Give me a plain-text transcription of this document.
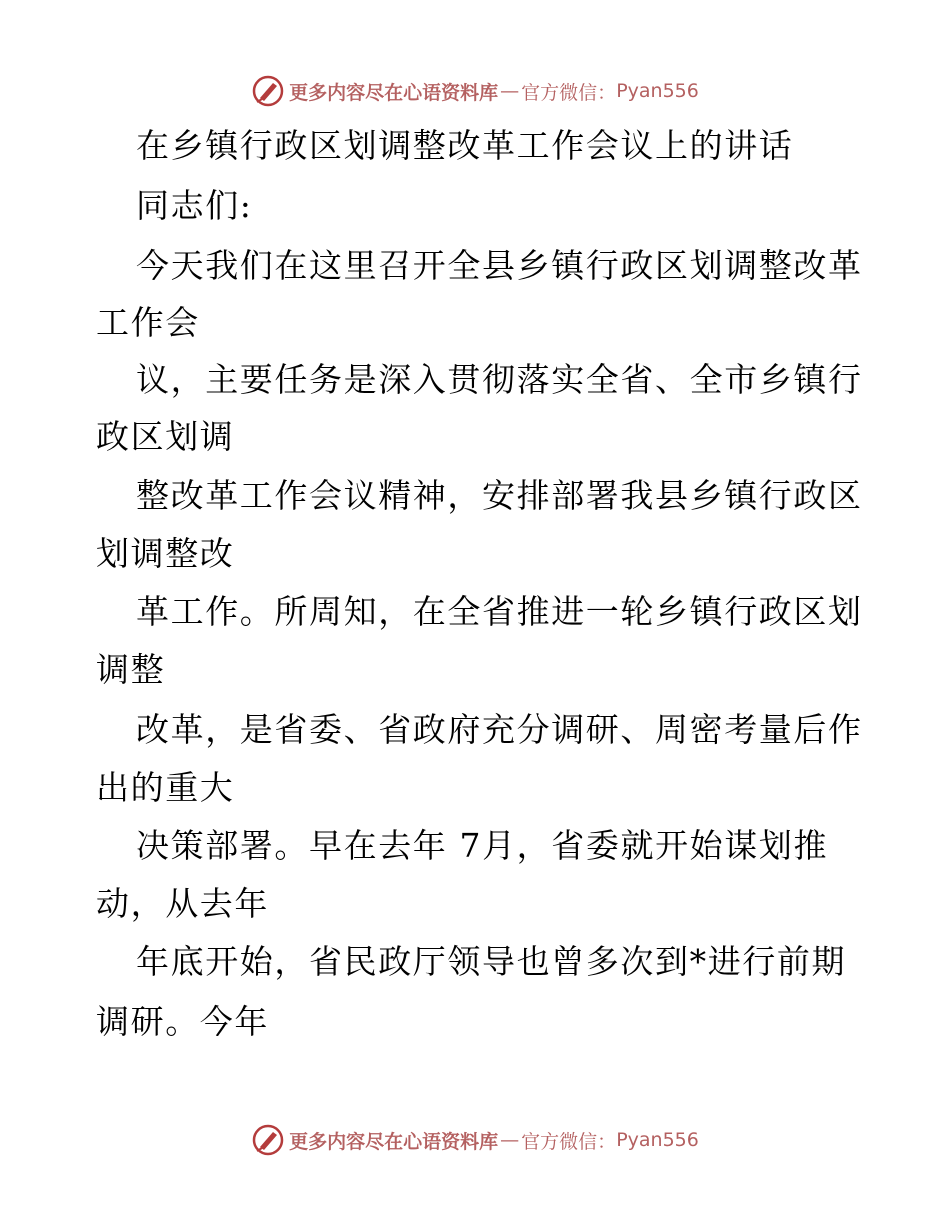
更多内容尽在心语资料库 — 官方微信： Pyan556
在乡镇行政区划调整改革工作会议上的讲话
同志们:
今天我们在这里召开全县乡镇行政区划调整改革
工作会
议，主要任务是深入贯彻落实全省、全市乡镇行
政区划调
整改革工作会议精神，安排部署我县乡镇行政区
划调整改
革工作。所周知，在全省推进一轮乡镇行政区划
调整
改革，是省委、省政府充分调研、周密考量后作
出的重大
决策部署。早在去年 7月，省委就开始谋划推
动，从去年
年底开始，省民政厅领导也曾多次到*进行前期
调研。今年
更多内容尽在心语资料库 — 官方微信： Pyan556
